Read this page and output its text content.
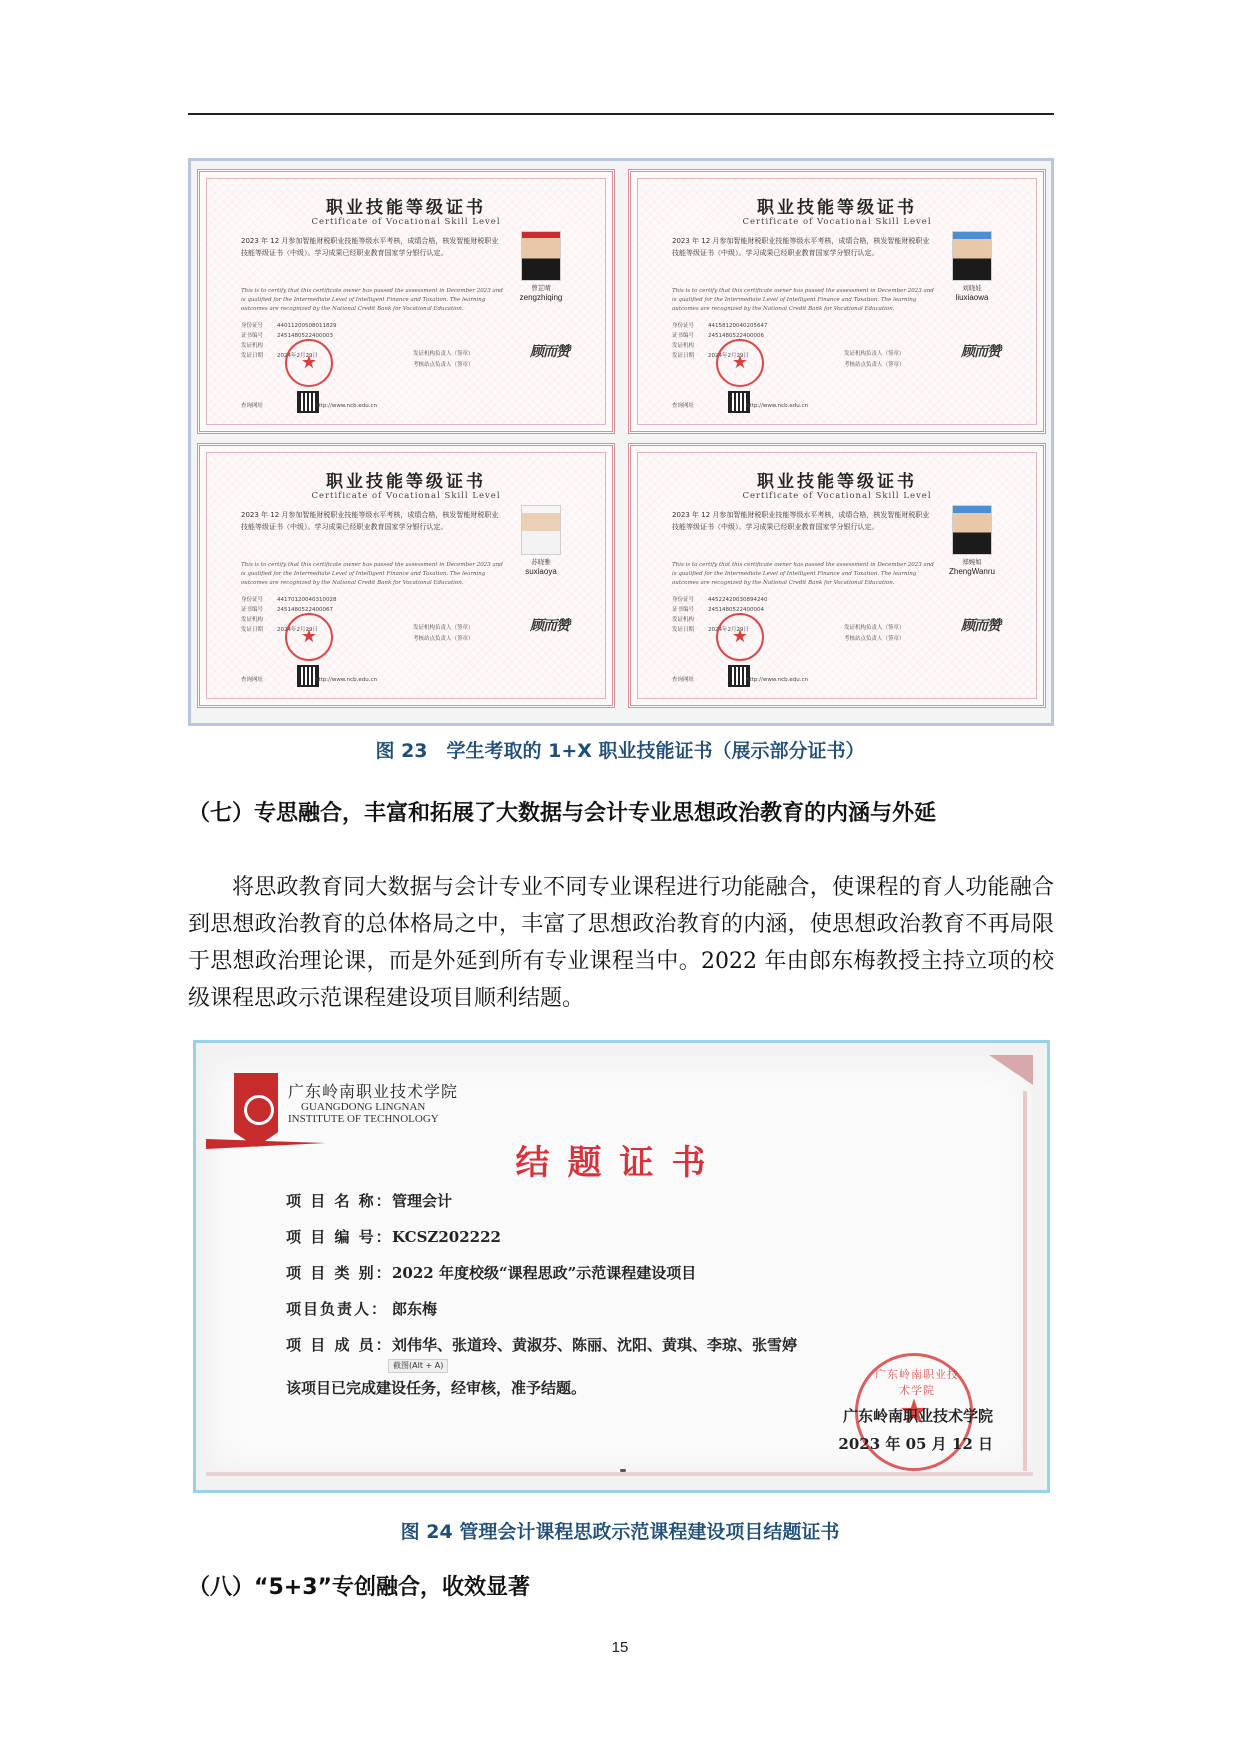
职业技能等级证书
Certificate of Vocational Skill Level
2023 年 12 月参加智能财税职业技能等级水平考核，成绩合格，核发智能财税职业技能等级证书（中级）。学习成果已经职业教育国家学分银行认定。
This is to certify that this certificate owner has passed the assessment in December 2023 and is qualified for the Intermediate Level of Intelligent Finance and Taxation. The learning outcomes are recognized by the National Credit Bank for Vocational Education.
曾芷晴
zengzhiqing
身份证号	44011200508011829
证书编号	2451480522400003
发证机构
发证日期	2024年2月29日
★
查询网址	http://www.ncb.edu.cn
发证机构负责人（签章）
考核站点负责人（签章）
顾而赞
职业技能等级证书
Certificate of Vocational Skill Level
2023 年 12 月参加智能财税职业技能等级水平考核，成绩合格，核发智能财税职业技能等级证书（中级）。学习成果已经职业教育国家学分银行认定。
This is to certify that this certificate owner has passed the assessment in December 2023 and is qualified for the Intermediate Level of Intelligent Finance and Taxation. The learning outcomes are recognized by the National Credit Bank for Vocational Education.
刘晓娃
liuxiaowa
身份证号	44158120040205647
证书编号	2451480522400006
发证机构
发证日期	2024年2月29日
★
查询网址	http://www.ncb.edu.cn
发证机构负责人（签章）
考核站点负责人（签章）
顾而赞
职业技能等级证书
Certificate of Vocational Skill Level
2023 年 12 月参加智能财税职业技能等级水平考核，成绩合格，核发智能财税职业技能等级证书（中级）。学习成果已经职业教育国家学分银行认定。
This is to certify that this certificate owner has passed the assessment in December 2023 and is qualified for the Intermediate Level of Intelligent Finance and Taxation. The learning outcomes are recognized by the National Credit Bank for Vocational Education.
苏晓雅
suxiaoya
身份证号	44170120040310028
证书编号	2451480522400067
发证机构
发证日期	2024年2月29日
★
查询网址	http://www.ncb.edu.cn
发证机构负责人（签章）
考核站点负责人（签章）
顾而赞
职业技能等级证书
Certificate of Vocational Skill Level
2023 年 12 月参加智能财税职业技能等级水平考核，成绩合格，核发智能财税职业技能等级证书（中级）。学习成果已经职业教育国家学分银行认定。
This is to certify that this certificate owner has passed the assessment in December 2023 and is qualified for the Intermediate Level of Intelligent Finance and Taxation. The learning outcomes are recognized by the National Credit Bank for Vocational Education.
郑婉如
ZhengWanru
身份证号	44522420030894240
证书编号	2451480522400004
发证机构
发证日期	2024年2月29日
★
查询网址	http://www.ncb.edu.cn
发证机构负责人（签章）
考核站点负责人（签章）
顾而赞
图 23　学生考取的 1+X 职业技能证书（展示部分证书）
（七）专思融合，丰富和拓展了大数据与会计专业思想政治教育的内涵与外延
将思政教育同大数据与会计专业不同专业课程进行功能融合，使课程的育人功能融合到思想政治教育的总体格局之中，丰富了思想政治教育的内涵，使思想政治教育不再局限于思想政治理论课，而是外延到所有专业课程当中。2022 年由郎东梅教授主持立项的校级课程思政示范课程建设项目顺利结题。
广东岭南职业技术学院
GUANGDONG LINGNAN
INSTITUTE OF TECHNOLOGY
结题证书
项 目 名 称：管理会计
项 目 编 号：KCSZ202222
项 目 类 别：2022 年度校级“课程思政”示范课程建设项目
项目负责人： 郎东梅
项 目 成 员：刘伟华、张道玲、黄淑芬、陈丽、沈阳、黄琪、李琼、张雪婷
截图(Alt + A)
该项目已完成建设任务，经审核，准予结题。
广东岭南职业技术学院
★
广东岭南职业技术学院
2023 年 05 月 12 日
图 24 管理会计课程思政示范课程建设项目结题证书
（八）“5+3”专创融合，收效显著
15
